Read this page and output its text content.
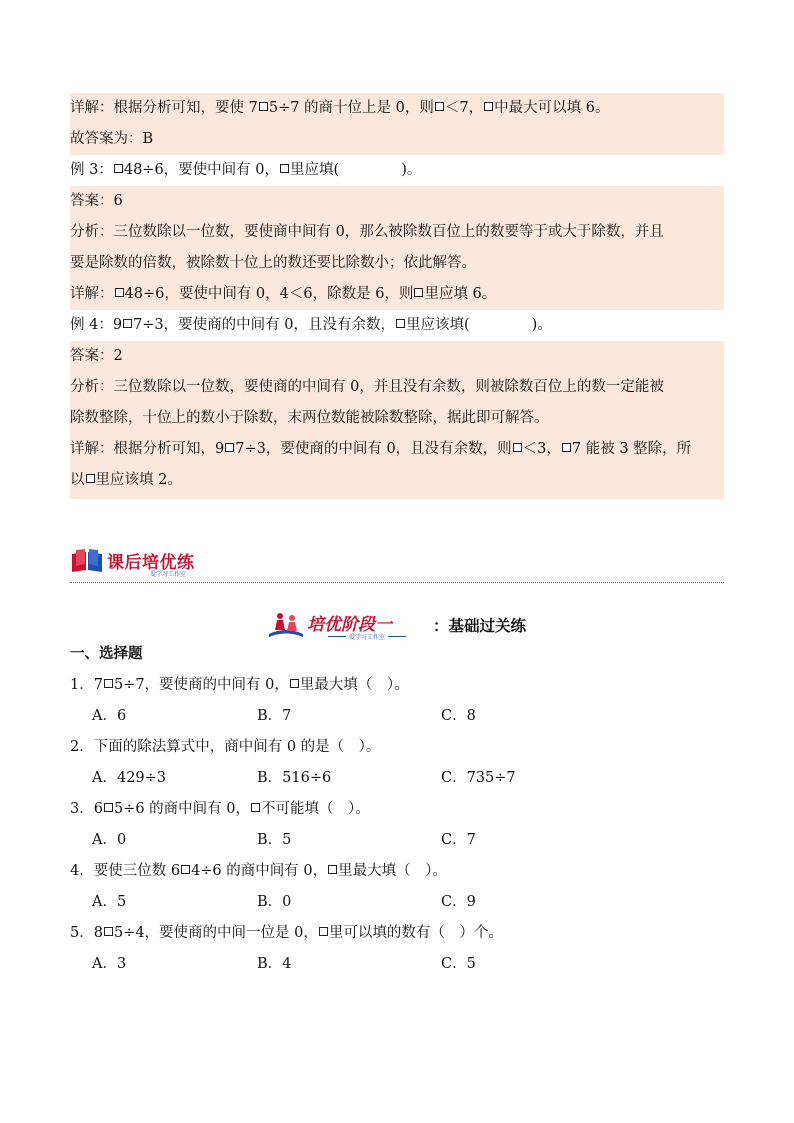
详解：根据分析可知，要使 7 5÷7 的商十位上是 0，则 ＜7， 中最大可以填 6。
故答案为：B
例 3： 48÷6，要使中间有 0， 里应填(	)。
答案：6
分析：三位数除以一位数，要使商中间有 0，那么被除数百位上的数要等于或大于除数，并且
要是除数的倍数，被除数十位上的数还要比除数小；依此解答。
详解： 48÷6，要使中间有 0，4＜6，除数是 6，则 里应填 6。
例 4：9 7÷3，要使商的中间有 0，且没有余数， 里应该填(	)。
答案：2
分析：三位数除以一位数，要使商的中间有 0，并且没有余数，则被除数百位上的数一定能被
除数整除，十位上的数小于除数，末两位数能被除数整除，据此即可解答。
详解：根据分析可知，9 7÷3，要使商的中间有 0，且没有余数，则 ＜3， 7 能被 3 整除，所
以 里应该填 2。
课后培优练
爱学习工作室
培优阶段一
爱学习工作室
：基础过关练
一、选择题
1．7 5÷7，要使商的中间有 0， 里最大填（　）。
A．6	B．7	C．8
2．下面的除法算式中，商中间有 0 的是（　）。
A．429÷3	B．516÷6	C．735÷7
3．6 5÷6 的商中间有 0， 不可能填（　）。
A．0	B．5	C．7
4．要使三位数 6 4÷6 的商中间有 0， 里最大填（　）。
A．5	B．0	C．9
5．8 5÷4，要使商的中间一位是 0， 里可以填的数有（　）个。
A．3	B．4	C．5
